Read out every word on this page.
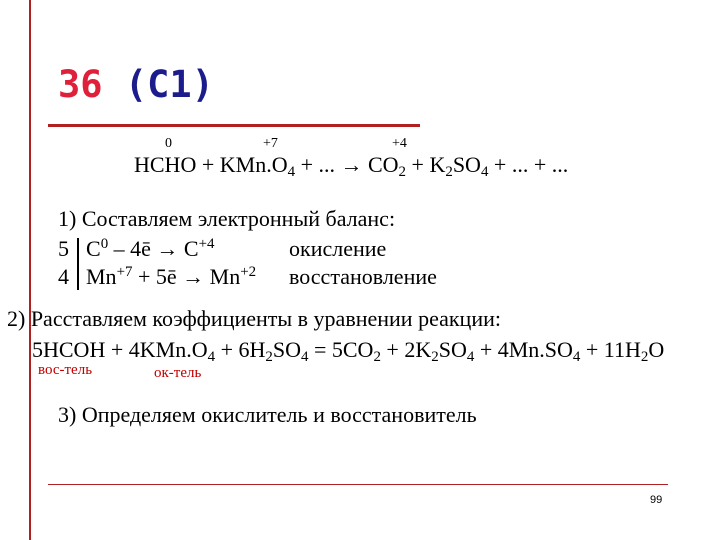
36 (C1)
0	+7	+4
HCHO + $KMn.O_4$ + ... → $CO_2 + K_2SO_4$ + ... + ...
1) Составляем электронный баланс:
5 $C^0$ – 4ē → $C^{+4}$	окисление
4 $Mn^{+7}$ + 5ē → $Mn^{+2}$ восстановление
2) Расставляем коэффициенты в уравнении реакции:
5HCOH + $4KMn.O_4 + 6H_2SO_4 = 5CO_2 + 2K_2SO_4 + 4Mn.SO_4 + 11H_2O$
вос-тель	ок-тель
3) Определяем окислитель и восстановитель
99
